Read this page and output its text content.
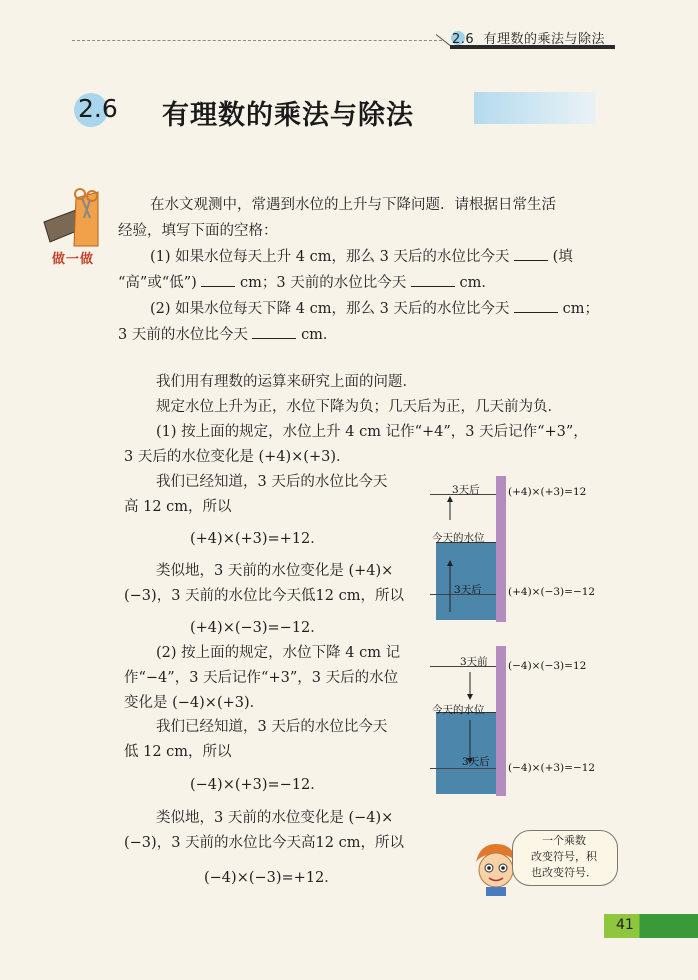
2.6 有理数的乘法与除法
2.6 有理数的乘法与除法
做一做
在水文观测中，常遇到水位的上升与下降问题．请根据日常生活
经验，填写下面的空格：
(1) 如果水位每天上升 4 cm，那么 3 天后的水位比今天	(填
“高”或“低”)	cm；3 天前的水位比今天	cm．
(2) 如果水位每天下降 4 cm，那么 3 天后的水位比今天	cm；
3 天前的水位比今天	cm．
我们用有理数的运算来研究上面的问题．
规定水位上升为正，水位下降为负；几天后为正，几天前为负．
(1) 按上面的规定，水位上升 4 cm 记作“+4”，3 天后记作“+3”，
3 天后的水位变化是 (+4)×(+3)．
我们已经知道，3 天后的水位比今天
高 12 cm，所以
(+4)×(+3)=+12．
类似地，3 天前的水位变化是 (+4)×
(−3)，3 天前的水位比今天低12 cm，所以
(+4)×(−3)=−12．
(2) 按上面的规定，水位下降 4 cm 记
作“−4”，3 天后记作“+3”，3 天后的水位
变化是 (−4)×(+3)．
我们已经知道，3 天后的水位比今天
低 12 cm，所以
(−4)×(+3)=−12．
类似地，3 天前的水位变化是 (−4)×
(−3)，3 天前的水位比今天高12 cm，所以
(−4)×(−3)=+12．
3天后
今天的水位
3天后
(+4)×(+3)=12
(+4)×(−3)=−12
3天前
今天的水位
3天后
(−4)×(−3)=12
(−4)×(+3)=−12
一个乘数
改变符号，积
也改变符号．
41
